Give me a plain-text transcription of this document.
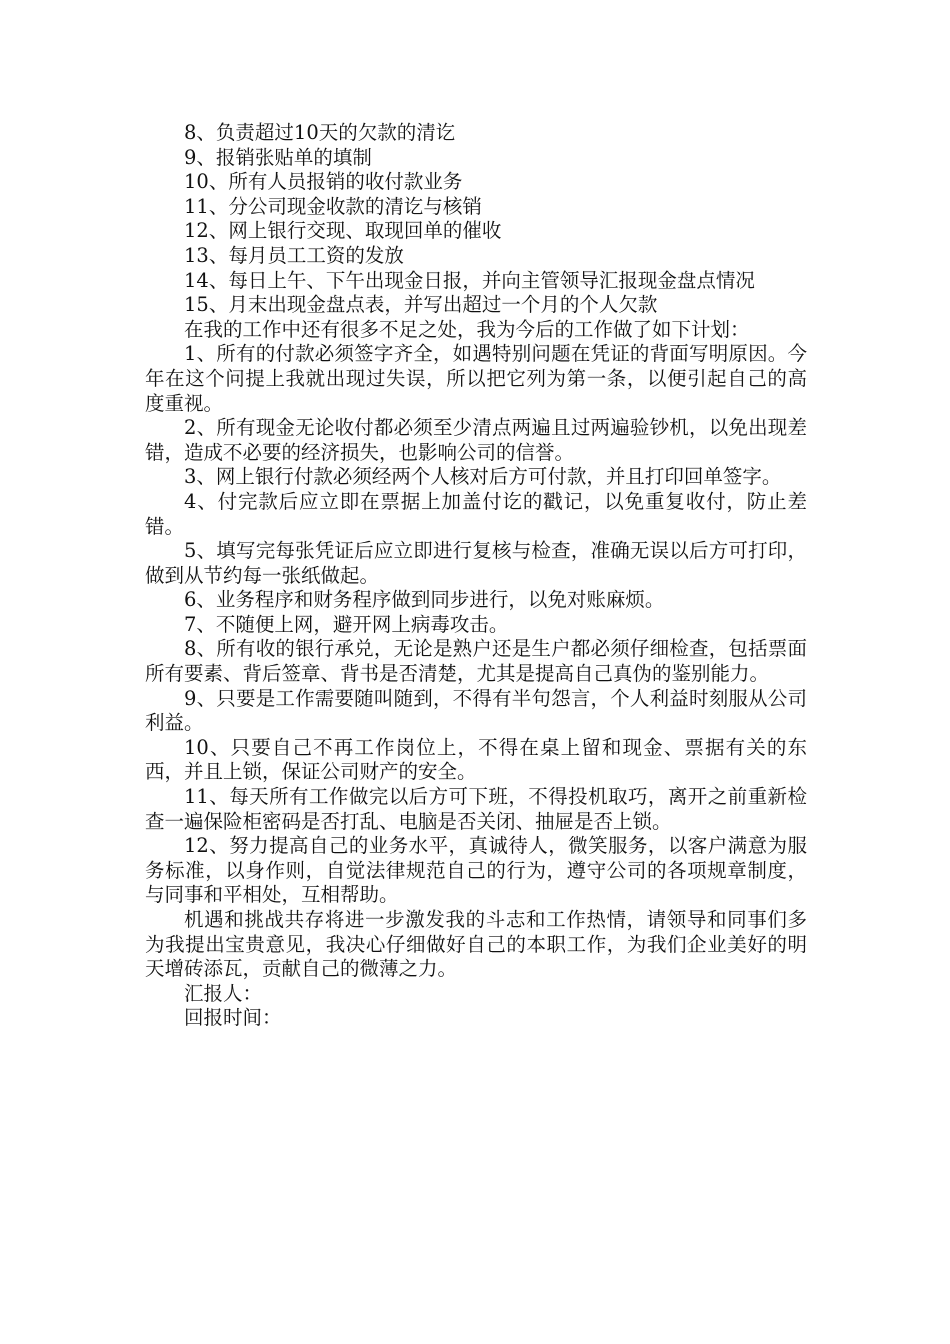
8、负责超过10天的欠款的清讫

9、报销张贴单的填制

10、所有人员报销的收付款业务

11、分公司现金收款的清讫与核销

12、网上银行交现、取现回单的催收

13、每月员工工资的发放

14、每日上午、下午出现金日报，并向主管领导汇报现金盘点情况

15、月末出现金盘点表，并写出超过一个月的个人欠款

在我的工作中还有很多不足之处，我为今后的工作做了如下计划：

1、所有的付款必须签字齐全，如遇特别问题在凭证的背面写明原因。今年在这个问提上我就出现过失误，所以把它列为第一条，以便引起自己的高度重视。

2、所有现金无论收付都必须至少清点两遍且过两遍验钞机，以免出现差错，造成不必要的经济损失，也影响公司的信誉。

3、网上银行付款必须经两个人核对后方可付款，并且打印回单签字。

4、付完款后应立即在票据上加盖付讫的戳记，以免重复收付，防止差错。

5、填写完每张凭证后应立即进行复核与检查，准确无误以后方可打印，做到从节约每一张纸做起。

6、业务程序和财务程序做到同步进行，以免对账麻烦。

7、不随便上网，避开网上病毒攻击。

8、所有收的银行承兑，无论是熟户还是生户都必须仔细检查，包括票面所有要素、背后签章、背书是否清楚，尤其是提高自己真伪的鉴别能力。

9、只要是工作需要随叫随到，不得有半句怨言，个人利益时刻服从公司利益。

10、只要自己不再工作岗位上，不得在桌上留和现金、票据有关的东西，并且上锁，保证公司财产的安全。

11、每天所有工作做完以后方可下班，不得投机取巧，离开之前重新检查一遍保险柜密码是否打乱、电脑是否关闭、抽屉是否上锁。

12、努力提高自己的业务水平，真诚待人，微笑服务，以客户满意为服务标准，以身作则，自觉法律规范自己的行为，遵守公司的各项规章制度，与同事和平相处，互相帮助。

机遇和挑战共存将进一步激发我的斗志和工作热情，请领导和同事们多为我提出宝贵意见，我决心仔细做好自己的本职工作，为我们企业美好的明天增砖添瓦，贡献自己的微薄之力。

汇报人：

回报时间：
